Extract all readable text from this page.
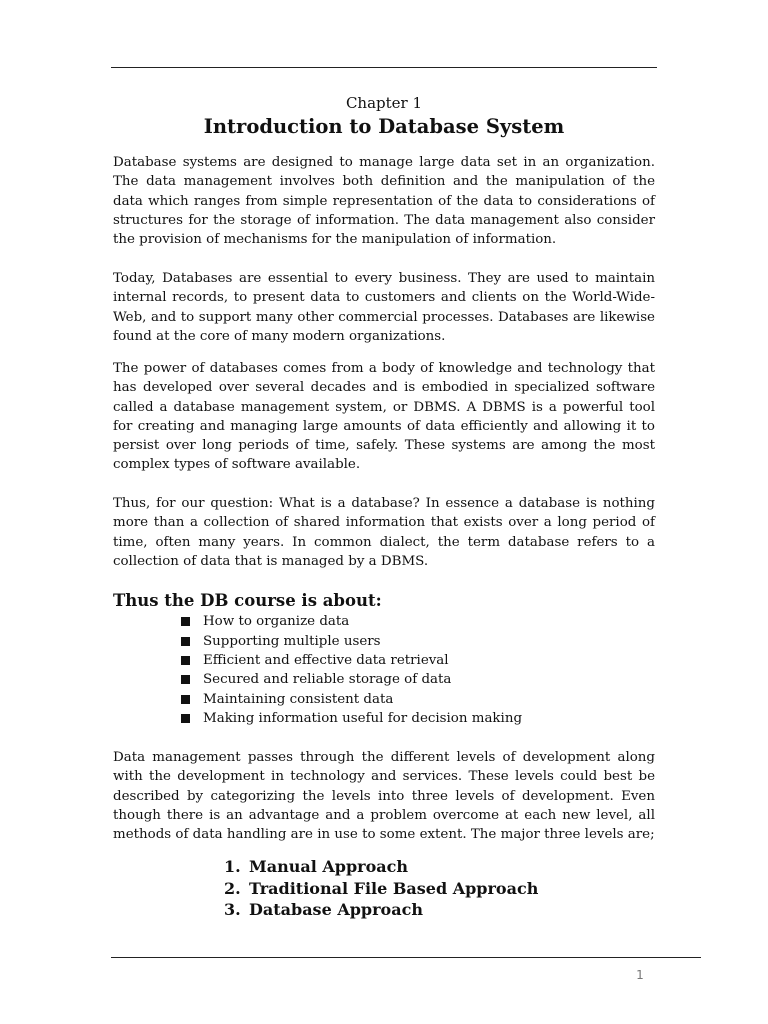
Chapter 1
Introduction to Database System

Database systems are designed to manage large data set in an organization. The data management involves both definition and the manipulation of the data which ranges from simple representation of the data to considerations of structures for the storage of information. The data management also consider the provision of mechanisms for the manipulation of information.

Today, Databases are essential to every business. They are used to maintain internal records, to present data to customers and clients on the World-Wide-Web, and to support many other commercial processes. Databases are likewise found at the core of many modern organizations.

The power of databases comes from a body of knowledge and technology that has developed over several decades and is embodied in specialized software called a database management system, or DBMS. A DBMS is a powerful tool for creating and managing large amounts of data efficiently and allowing it to persist over long periods of time, safely. These systems are among the most complex types of software available.

Thus, for our question: What is a database? In essence a database is nothing more than a collection of shared information that exists over a long period of time, often many years. In common dialect, the term database refers to a collection of data that is managed by a DBMS.

Thus the DB course is about:
How to organize data
Supporting multiple users
Efficient and effective data retrieval
Secured and reliable storage of data
Maintaining consistent data
Making information useful for decision making

Data management passes through the different levels of development along with the development in technology and services. These levels could best be described by categorizing the levels into three levels of development. Even though there is an advantage and a problem overcome at each new level, all methods of data handling are in use to some extent. The major three levels are;

1. Manual Approach
2. Traditional File Based Approach
3. Database Approach
1
